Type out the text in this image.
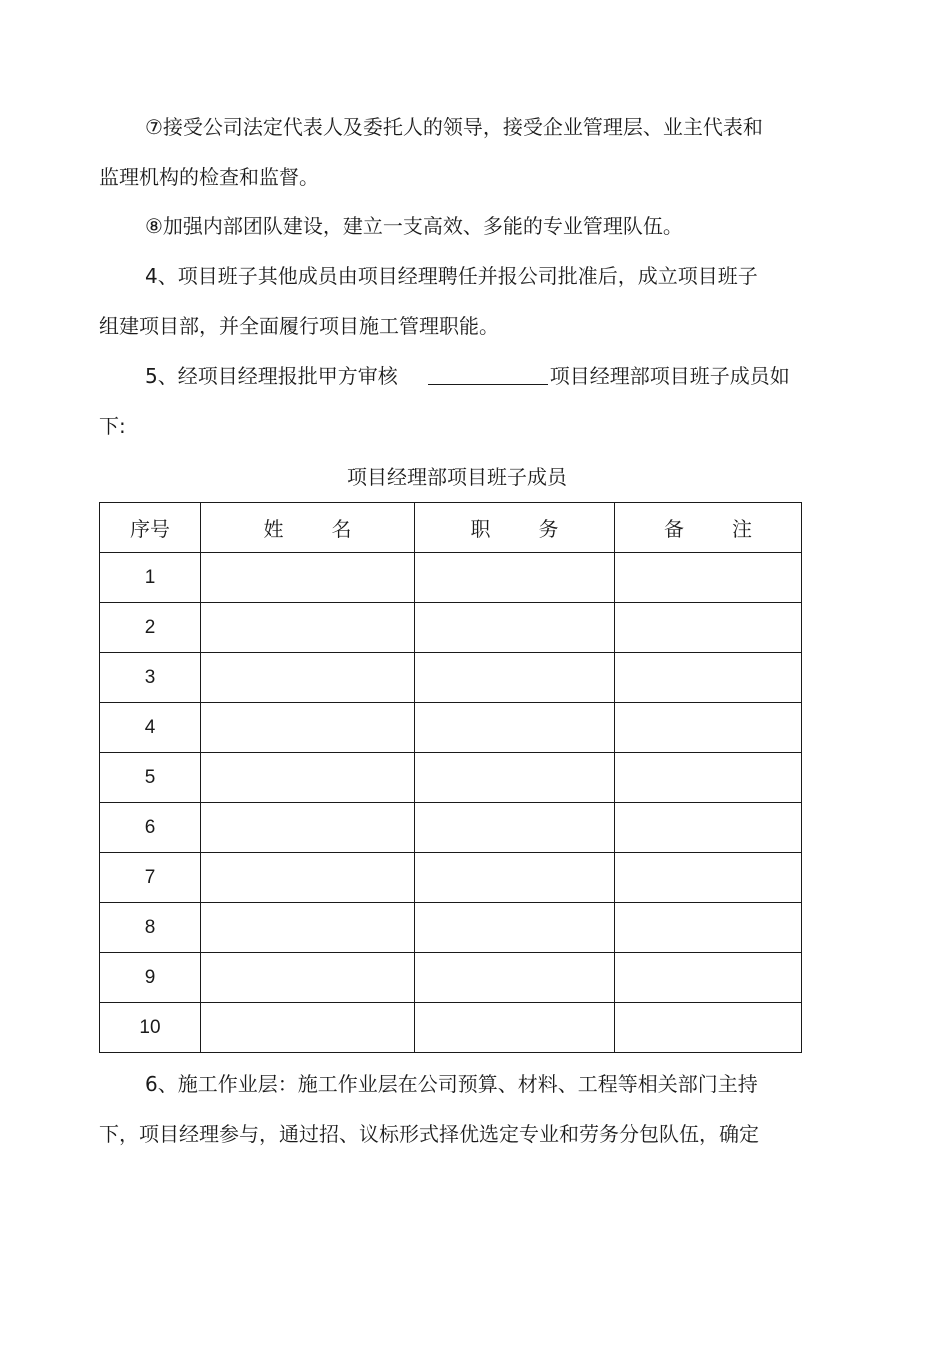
⑦接受公司法定代表人及委托人的领导，接受企业管理层、业主代表和

监理机构的检查和监督。

⑧加强内部团队建设，建立一支高效、多能的专业管理队伍。

4、项目班子其他成员由项目经理聘任并报公司批准后，成立项目班子

组建项目部，并全面履行项目施工管理职能。

5、经项目经理报批甲方审核	项目经理部项目班子成员如

下:

项目经理部项目班子成员
序号	姓名	职务	备注
1			
2			
3			
4			
5			
6			
7			
8			
9			
10			

6、施工作业层：施工作业层在公司预算、材料、工程等相关部门主持

下，项目经理参与，通过招、议标形式择优选定专业和劳务分包队伍，确定
